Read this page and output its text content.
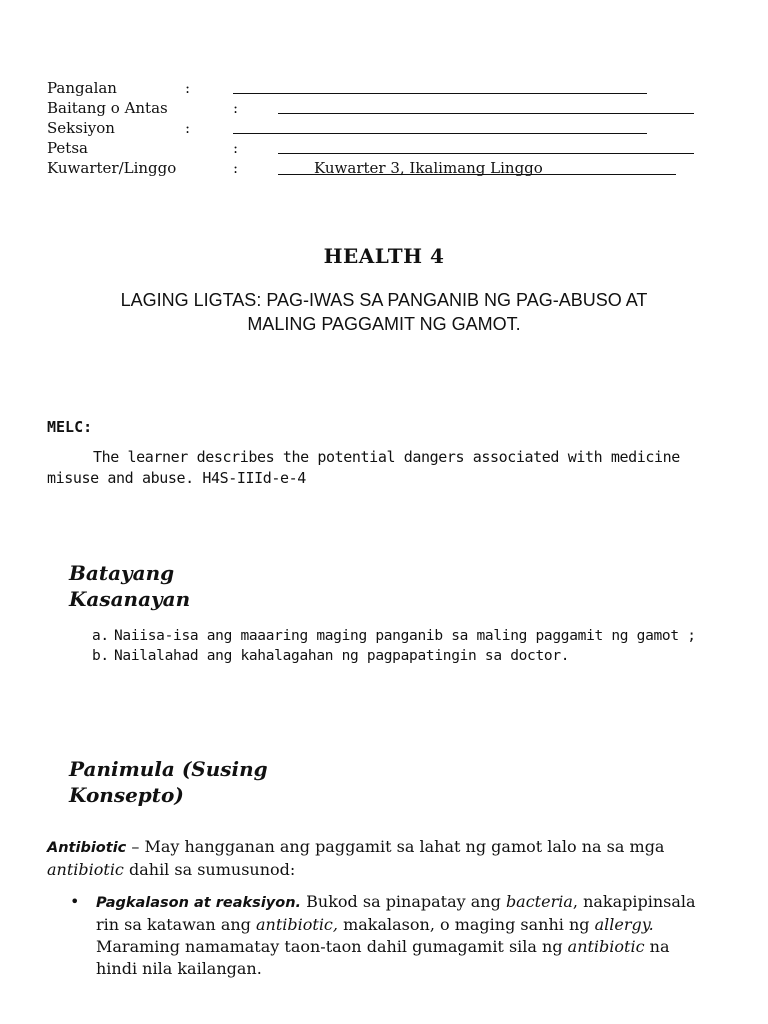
Pangalan	:
Baitang o Antas	:
Seksiyon	:
Petsa	:
Kuwarter/Linggo	:	Kuwarter 3, Ikalimang Linggo
HEALTH 4
LAGING LIGTAS: PAG-IWAS SA PANGANIB NG PAG-ABUSO AT
MALING PAGGAMIT NG GAMOT.
MELC:
The learner describes the potential dangers associated with medicine misuse and abuse. H4S-IIId-e-4
Batayang
Kasanayan
a. Naiisa-isa ang maaaring maging panganib sa maling paggamit ng gamot ;
b. Nailalahad ang kahalagahan ng pagpapatingin sa doctor.
Panimula (Susing
Konsepto)
Antibiotic – May hangganan ang paggamit sa lahat ng gamot lalo na sa mga antibiotic dahil sa sumusunod:
• Pagkalason at reaksiyon. Bukod sa pinapatay ang bacteria, nakapipinsala rin sa katawan ang antibiotic, makalason, o maging sanhi ng allergy. Maraming namamatay taon-taon dahil gumagamit sila ng antibiotic na hindi nila kailangan.
